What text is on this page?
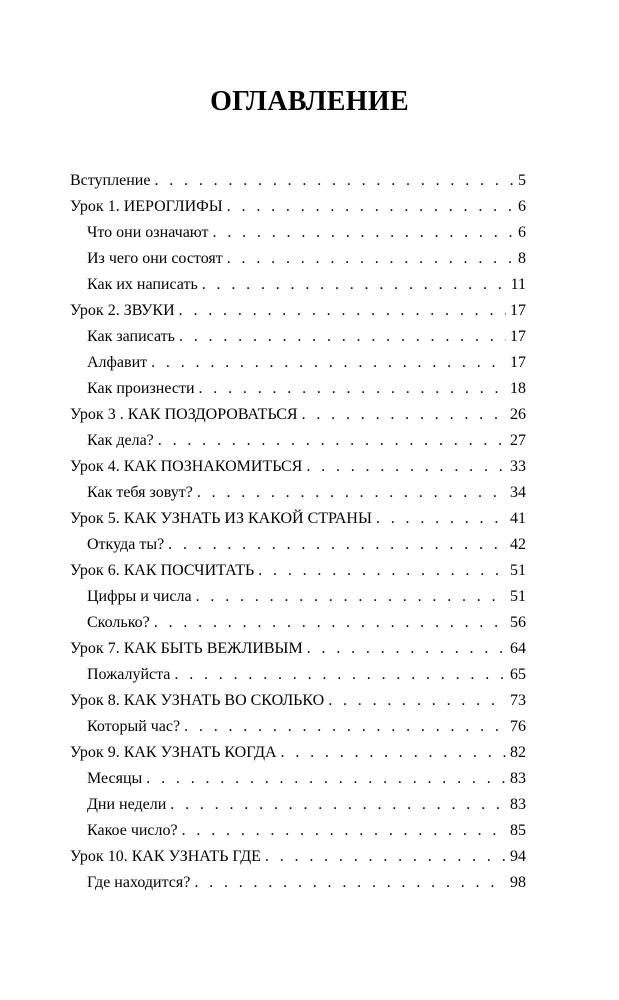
ОГЛАВЛЕНИЕ
Вступление . . .	5
Урок 1. ИЕРОГЛИФЫ . . .	6
Что они означают . . .	6
Из чего они состоят . . .	8
Как их написать . . .	11
Урок 2. ЗВУКИ . . .	17
Как записать . . .	17
Алфавит . . .	17
Как произнести . . .	18
Урок 3 . КАК ПОЗДОРОВАТЬСЯ . . .	26
Как дела? . . .	27
Урок 4. КАК ПОЗНАКОМИТЬСЯ . . .	33
Как тебя зовут? . . .	34
Урок 5. КАК УЗНАТЬ ИЗ КАКОЙ СТРАНЫ . . .	41
Откуда ты? . . .	42
Урок 6. КАК ПОСЧИТАТЬ . . .	51
Цифры и числа . . .	51
Сколько? . . .	56
Урок 7. КАК БЫТЬ ВЕЖЛИВЫМ . . .	64
Пожалуйста . . .	65
Урок 8. КАК УЗНАТЬ ВО СКОЛЬКО . . .	73
Который час? . . .	76
Урок 9. КАК УЗНАТЬ КОГДА . . .	82
Месяцы . . .	83
Дни недели . . .	83
Какое число? . . .	85
Урок 10. КАК УЗНАТЬ ГДЕ . . .	94
Где находится? . . .	98
